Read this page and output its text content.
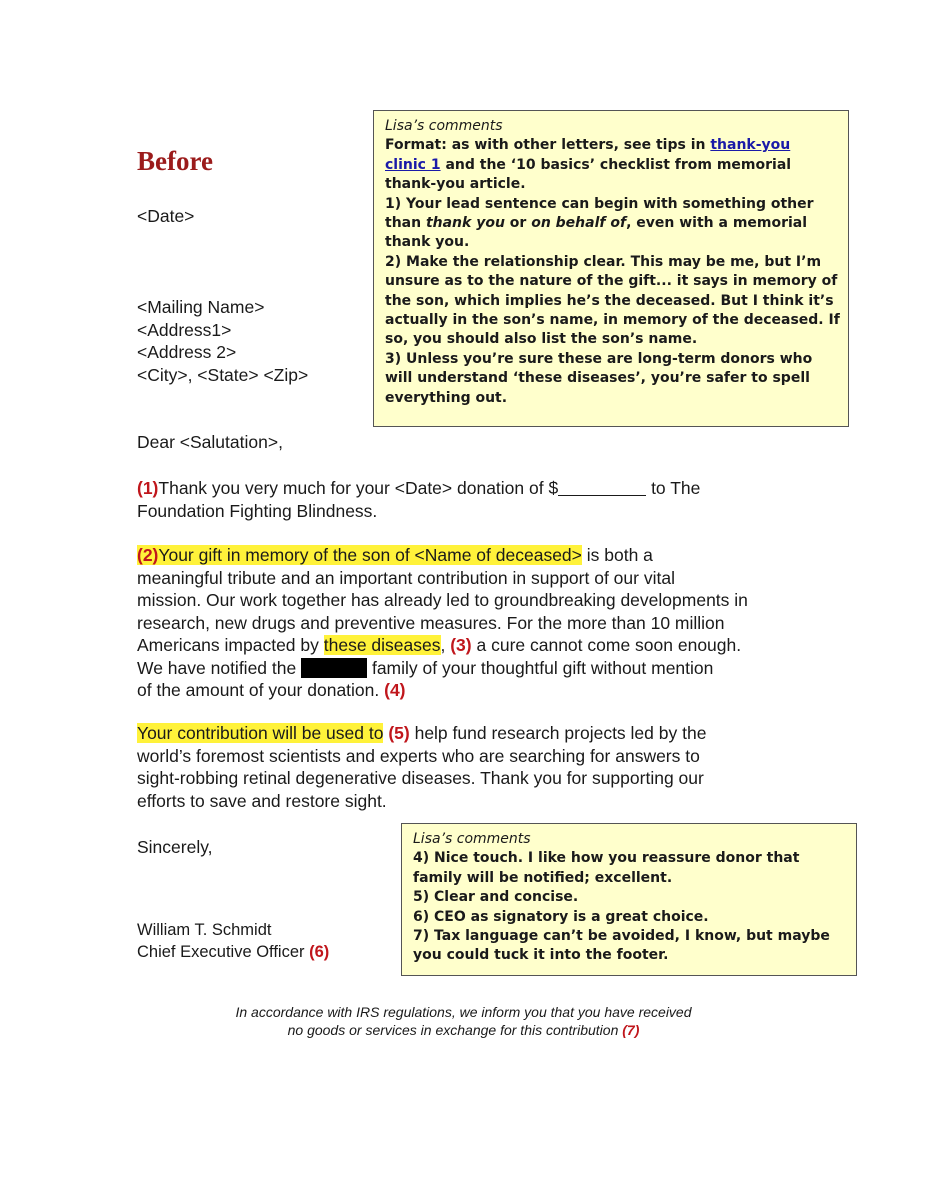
Before
<Date>
<Mailing Name>
<Address1>
<Address 2>
<City>, <State> <Zip>
Lisa’s comments
Format: as with other letters, see tips in thank-you
clinic 1 and the ‘10 basics’ checklist from memorial
thank-you article.
1) Your lead sentence can begin with something other
than thank you or on behalf of, even with a memorial
thank you.
2) Make the relationship clear. This may be me, but I’m
unsure as to the nature of the gift... it says in memory of
the son, which implies he’s the deceased. But I think it’s
actually in the son’s name, in memory of the deceased. If
so, you should also list the son’s name.
3) Unless you’re sure these are long-term donors who
will understand ‘these diseases’, you’re safer to spell
everything out.
Dear <Salutation>,
(1)Thank you very much for your <Date> donation of $	to The
Foundation Fighting Blindness.
(2)Your gift in memory of the son of <Name of deceased> is both a
meaningful tribute and an important contribution in support of our vital
mission. Our work together has already led to groundbreaking developments in
research, new drugs and preventive measures. For the more than 10 million
Americans impacted by these diseases, (3) a cure cannot come soon enough.
We have notified the	family of your thoughtful gift without mention
of the amount of your donation. (4)
Your contribution will be used to (5) help fund research projects led by the
world’s foremost scientists and experts who are searching for answers to
sight-robbing retinal degenerative diseases. Thank you for supporting our
efforts to save and restore sight.
Sincerely,
William T. Schmidt
Chief Executive Officer (6)
Lisa’s comments
4) Nice touch. I like how you reassure donor that
family will be notified; excellent.
5) Clear and concise.
6) CEO as signatory is a great choice.
7) Tax language can’t be avoided, I know, but maybe
you could tuck it into the footer.
In accordance with IRS regulations, we inform you that you have received
no goods or services in exchange for this contribution (7)
